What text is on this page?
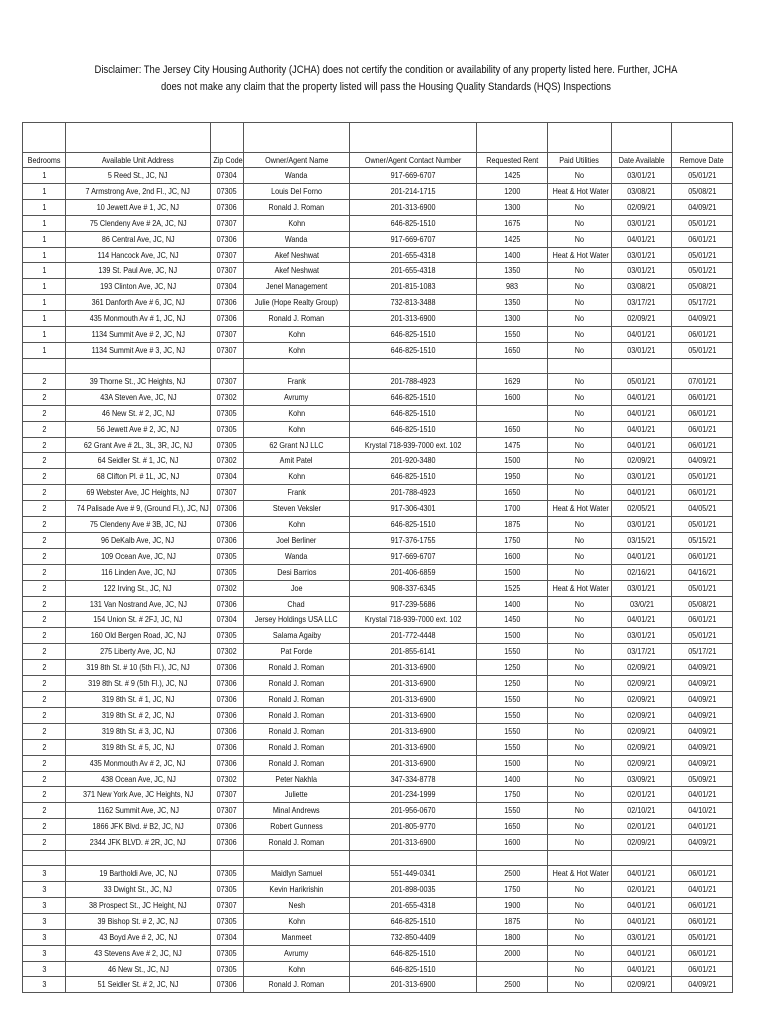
Disclaimer: The Jersey City Housing Authority (JCHA) does not certify the condition or availability of any property listed here. Further, JCHA does not make any claim that the property listed will pass the Housing Quality Standards (HQS) Inspections

Bedrooms	Available Unit Address	Zip Code	Owner/Agent Name	Owner/Agent Contact Number	Requested Rent	Paid Utilities	Date Available	Remove Date
1	5 Reed St., JC, NJ	07304	Wanda	917-669-6707	1425	No	03/01/21	05/01/21
1	7 Armstrong Ave, 2nd Fl., JC, NJ	07305	Louis Del Forno	201-214-1715	1200	Heat & Hot Water	03/08/21	05/08/21
1	10 Jewett Ave # 1, JC, NJ	07306	Ronald J. Roman	201-313-6900	1300	No	02/09/21	04/09/21
1	75 Clendeny Ave # 2A, JC, NJ	07307	Kohn	646-825-1510	1675	No	03/01/21	05/01/21
1	86 Central Ave, JC, NJ	07306	Wanda	917-669-6707	1425	No	04/01/21	06/01/21
1	114 Hancock Ave, JC, NJ	07307	Akef Neshwat	201-655-4318	1400	Heat & Hot Water	03/01/21	05/01/21
1	139 St. Paul Ave, JC, NJ	07307	Akef Neshwat	201-655-4318	1350	No	03/01/21	05/01/21
1	193 Clinton Ave, JC, NJ	07304	Jenel Management	201-815-1083	983	No	03/08/21	05/08/21
1	361 Danforth Ave # 6, JC, NJ	07306	Julie (Hope Realty Group)	732-813-3488	1350	No	03/17/21	05/17/21
1	435 Monmouth Av # 1, JC, NJ	07306	Ronald J. Roman	201-313-6900	1300	No	02/09/21	04/09/21
1	1134 Summit Ave # 2, JC, NJ	07307	Kohn	646-825-1510	1550	No	04/01/21	06/01/21
1	1134 Summit Ave # 3, JC, NJ	07307	Kohn	646-825-1510	1650	No	03/01/21	05/01/21

2	39 Thorne St., JC Heights, NJ	07307	Frank	201-788-4923	1629	No	05/01/21	07/01/21
2	43A Steven Ave, JC, NJ	07302	Avrumy	646-825-1510	1600	No	04/01/21	06/01/21
2	46 New St. # 2, JC, NJ	07305	Kohn	646-825-1510		No	04/01/21	06/01/21
2	56 Jewett Ave # 2, JC, NJ	07305	Kohn	646-825-1510	1650	No	04/01/21	06/01/21
2	62 Grant Ave # 2L, 3L, 3R, JC, NJ	07305	62 Grant NJ LLC	Krystal 718-939-7000 ext. 102	1475	No	04/01/21	06/01/21
2	64 Seidler St. # 1, JC, NJ	07302	Amit Patel	201-920-3480	1500	No	02/09/21	04/09/21
2	68 Clifton Pl. # 1L, JC, NJ	07304	Kohn	646-825-1510	1950	No	03/01/21	05/01/21
2	69 Webster Ave, JC Heights, NJ	07307	Frank	201-788-4923	1650	No	04/01/21	06/01/21
2	74 Palisade Ave # 9, (Ground Fl.), JC, NJ	07306	Steven Veksler	917-306-4301	1700	Heat & Hot Water	02/05/21	04/05/21
2	75 Clendeny Ave # 3B, JC, NJ	07306	Kohn	646-825-1510	1875	No	03/01/21	05/01/21
2	96 DeKalb Ave, JC, NJ	07306	Joel Berliner	917-376-1755	1750	No	03/15/21	05/15/21
2	109 Ocean Ave, JC, NJ	07305	Wanda	917-669-6707	1600	No	04/01/21	06/01/21
2	116 Linden Ave, JC, NJ	07305	Desi Barrios	201-406-6859	1500	No	02/16/21	04/16/21
2	122 Irving St., JC, NJ	07302	Joe	908-337-6345	1525	Heat & Hot Water	03/01/21	05/01/21
2	131 Van Nostrand Ave, JC, NJ	07306	Chad	917-239-5686	1400	No	03/0/21	05/08/21
2	154 Union St. # 2FJ, JC, NJ	07304	Jersey Holdings USA LLC	Krystal 718-939-7000 ext. 102	1450	No	04/01/21	06/01/21
2	160 Old Bergen Road, JC, NJ	07305	Salama Agaiby	201-772-4448	1500	No	03/01/21	05/01/21
2	275 Liberty Ave, JC, NJ	07302	Pat Forde	201-855-6141	1550	No	03/17/21	05/17/21
2	319 8th St. # 10 (5th Fl.), JC, NJ	07306	Ronald J. Roman	201-313-6900	1250	No	02/09/21	04/09/21
2	319 8th St. # 9 (5th Fl.), JC, NJ	07306	Ronald J. Roman	201-313-6900	1250	No	02/09/21	04/09/21
2	319 8th St. # 1, JC, NJ	07306	Ronald J. Roman	201-313-6900	1550	No	02/09/21	04/09/21
2	319 8th St. # 2, JC, NJ	07306	Ronald J. Roman	201-313-6900	1550	No	02/09/21	04/09/21
2	319 8th St. # 3, JC, NJ	07306	Ronald J. Roman	201-313-6900	1550	No	02/09/21	04/09/21
2	319 8th St. # 5, JC, NJ	07306	Ronald J. Roman	201-313-6900	1550	No	02/09/21	04/09/21
2	435 Monmouth Av # 2, JC, NJ	07306	Ronald J. Roman	201-313-6900	1500	No	02/09/21	04/09/21
2	438 Ocean Ave, JC, NJ	07302	Peter Nakhla	347-334-8778	1400	No	03/09/21	05/09/21
2	371 New York Ave, JC Heights, NJ	07307	Juliette	201-234-1999	1750	No	02/01/21	04/01/21
2	1162 Summit Ave, JC, NJ	07307	Minal Andrews	201-956-0670	1550	No	02/10/21	04/10/21
2	1866 JFK Blvd. # B2, JC, NJ	07306	Robert Gunness	201-805-9770	1650	No	02/01/21	04/01/21
2	2344 JFK BLVD. # 2R, JC, NJ	07306	Ronald J. Roman	201-313-6900	1600	No	02/09/21	04/09/21

3	19 Bartholdi Ave, JC, NJ	07305	Maidlyn Samuel	551-449-0341	2500	Heat & Hot Water	04/01/21	06/01/21
3	33 Dwight St., JC, NJ	07305	Kevin Harikrishin	201-898-0035	1750	No	02/01/21	04/01/21
3	38 Prospect St., JC Height, NJ	07307	Nesh	201-655-4318	1900	No	04/01/21	06/01/21
3	39 Bishop St. # 2, JC, NJ	07305	Kohn	646-825-1510	1875	No	04/01/21	06/01/21
3	43 Boyd Ave # 2, JC, NJ	07304	Manmeet	732-850-4409	1800	No	03/01/21	05/01/21
3	43 Stevens Ave # 2, JC, NJ	07305	Avrumy	646-825-1510	2000	No	04/01/21	06/01/21
3	46 New St., JC, NJ	07305	Kohn	646-825-1510		No	04/01/21	06/01/21
3	51 Seidler St. # 2, JC, NJ	07306	Ronald J. Roman	201-313-6900	2500	No	02/09/21	04/09/21
